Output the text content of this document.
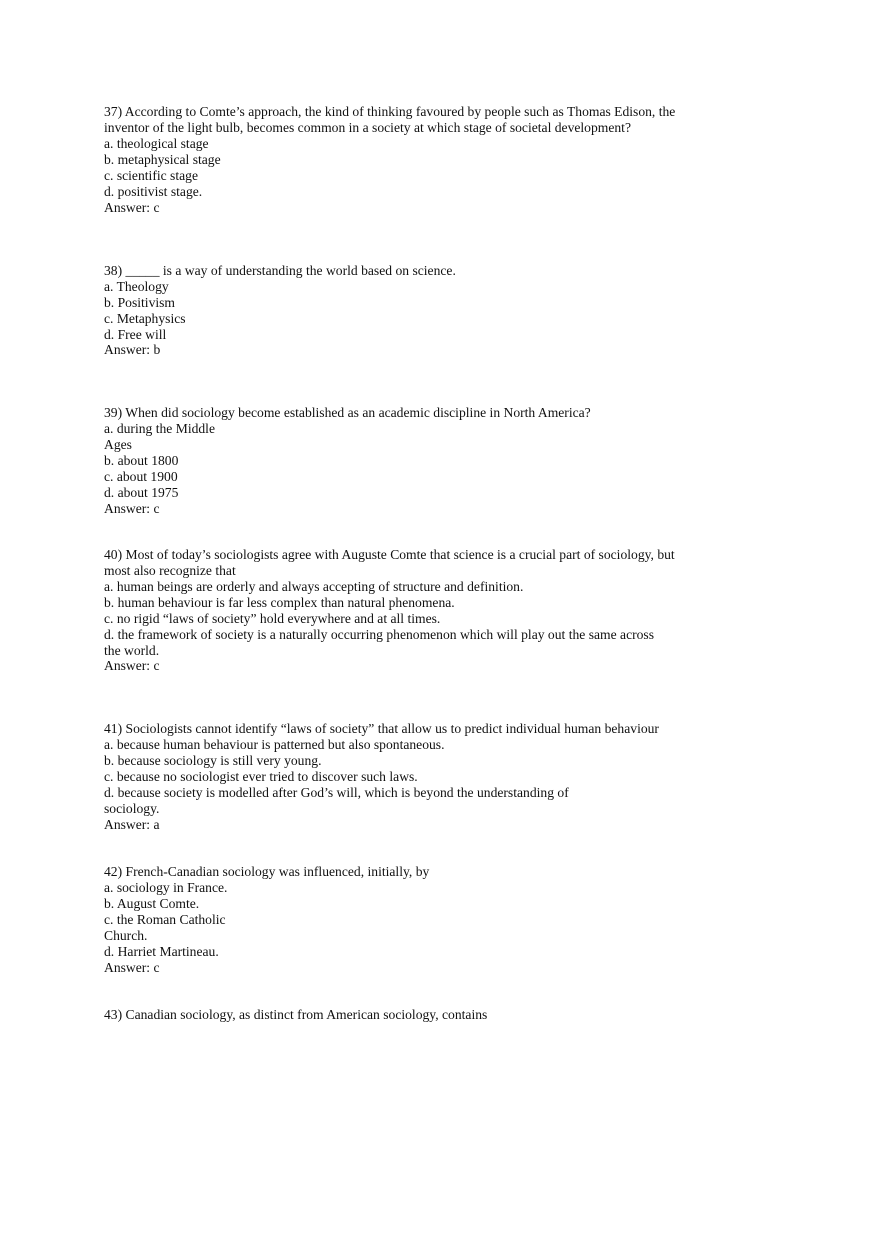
37) According to Comte’s approach, the kind of thinking favoured by people such as Thomas Edison, the

inventor of the light bulb, becomes common in a society at which stage of societal development?

a. theological stage

b. metaphysical stage

c. scientific stage

d. positivist stage.

Answer: c

38) _____ is a way of understanding the world based on science.

a. Theology

b. Positivism

c. Metaphysics

d. Free will

Answer: b

39) When did sociology become established as an academic discipline in North America?

a. during the Middle

Ages

b. about 1800

c. about 1900

d. about 1975

Answer: c

40) Most of today’s sociologists agree with Auguste Comte that science is a crucial part of sociology, but

most also recognize that

a. human beings are orderly and always accepting of structure and definition.

b. human behaviour is far less complex than natural phenomena.

c. no rigid “laws of society” hold everywhere and at all times.

d. the framework of society is a naturally occurring phenomenon which will play out the same across

the world.

Answer: c

41) Sociologists cannot identify “laws of society” that allow us to predict individual human behaviour

a. because human behaviour is patterned but also spontaneous.

b. because sociology is still very young.

c. because no sociologist ever tried to discover such laws.

d. because society is modelled after God’s will, which is beyond the understanding of

sociology.

Answer: a

42) French-Canadian sociology was influenced, initially, by

a. sociology in France.

b. August Comte.

c. the Roman Catholic

Church.

d. Harriet Martineau.

Answer: c

43) Canadian sociology, as distinct from American sociology, contains
